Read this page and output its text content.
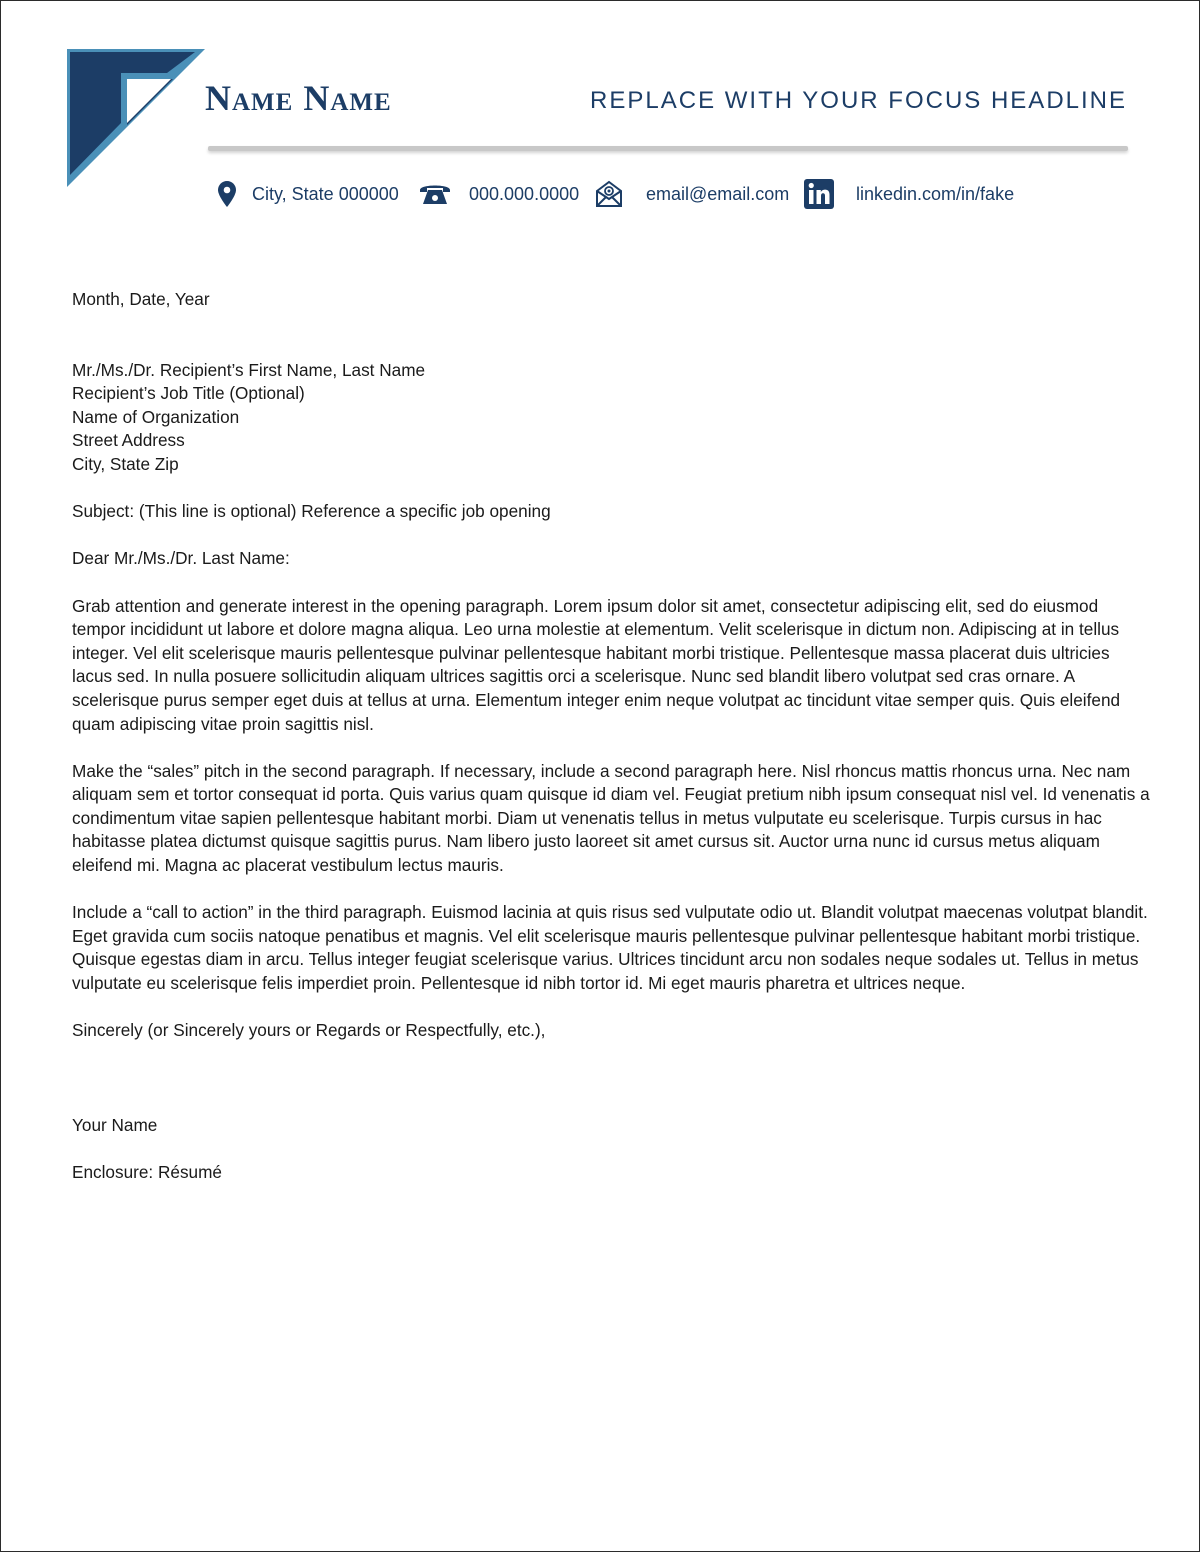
Name Name	REPLACE WITH YOUR FOCUS HEADLINE
City, State 000000	000.000.0000	email@email.com	linkedin.com/in/fake

Month, Date, Year

Mr./Ms./Dr. Recipient’s First Name, Last Name

Recipient’s Job Title (Optional)

Name of Organization

Street Address

City, State Zip

Subject: (This line is optional) Reference a specific job opening

Dear Mr./Ms./Dr. Last Name:

Grab attention and generate interest in the opening paragraph. Lorem ipsum dolor sit amet, consectetur adipiscing elit, sed do eiusmod

tempor incididunt ut labore et dolore magna aliqua. Leo urna molestie at elementum. Velit scelerisque in dictum non. Adipiscing at in tellus

integer. Vel elit scelerisque mauris pellentesque pulvinar pellentesque habitant morbi tristique. Pellentesque massa placerat duis ultricies

lacus sed. In nulla posuere sollicitudin aliquam ultrices sagittis orci a scelerisque. Nunc sed blandit libero volutpat sed cras ornare. A

scelerisque purus semper eget duis at tellus at urna. Elementum integer enim neque volutpat ac tincidunt vitae semper quis. Quis eleifend

quam adipiscing vitae proin sagittis nisl.

Make the “sales” pitch in the second paragraph. If necessary, include a second paragraph here. Nisl rhoncus mattis rhoncus urna. Nec nam

aliquam sem et tortor consequat id porta. Quis varius quam quisque id diam vel. Feugiat pretium nibh ipsum consequat nisl vel. Id venenatis a

condimentum vitae sapien pellentesque habitant morbi. Diam ut venenatis tellus in metus vulputate eu scelerisque. Turpis cursus in hac

habitasse platea dictumst quisque sagittis purus. Nam libero justo laoreet sit amet cursus sit. Auctor urna nunc id cursus metus aliquam

eleifend mi. Magna ac placerat vestibulum lectus mauris.

Include a “call to action” in the third paragraph. Euismod lacinia at quis risus sed vulputate odio ut. Blandit volutpat maecenas volutpat blandit.

Eget gravida cum sociis natoque penatibus et magnis. Vel elit scelerisque mauris pellentesque pulvinar pellentesque habitant morbi tristique.

Quisque egestas diam in arcu. Tellus integer feugiat scelerisque varius. Ultrices tincidunt arcu non sodales neque sodales ut. Tellus in metus

vulputate eu scelerisque felis imperdiet proin. Pellentesque id nibh tortor id. Mi eget mauris pharetra et ultrices neque.

Sincerely (or Sincerely yours or Regards or Respectfully, etc.),

Your Name

Enclosure: Résumé
